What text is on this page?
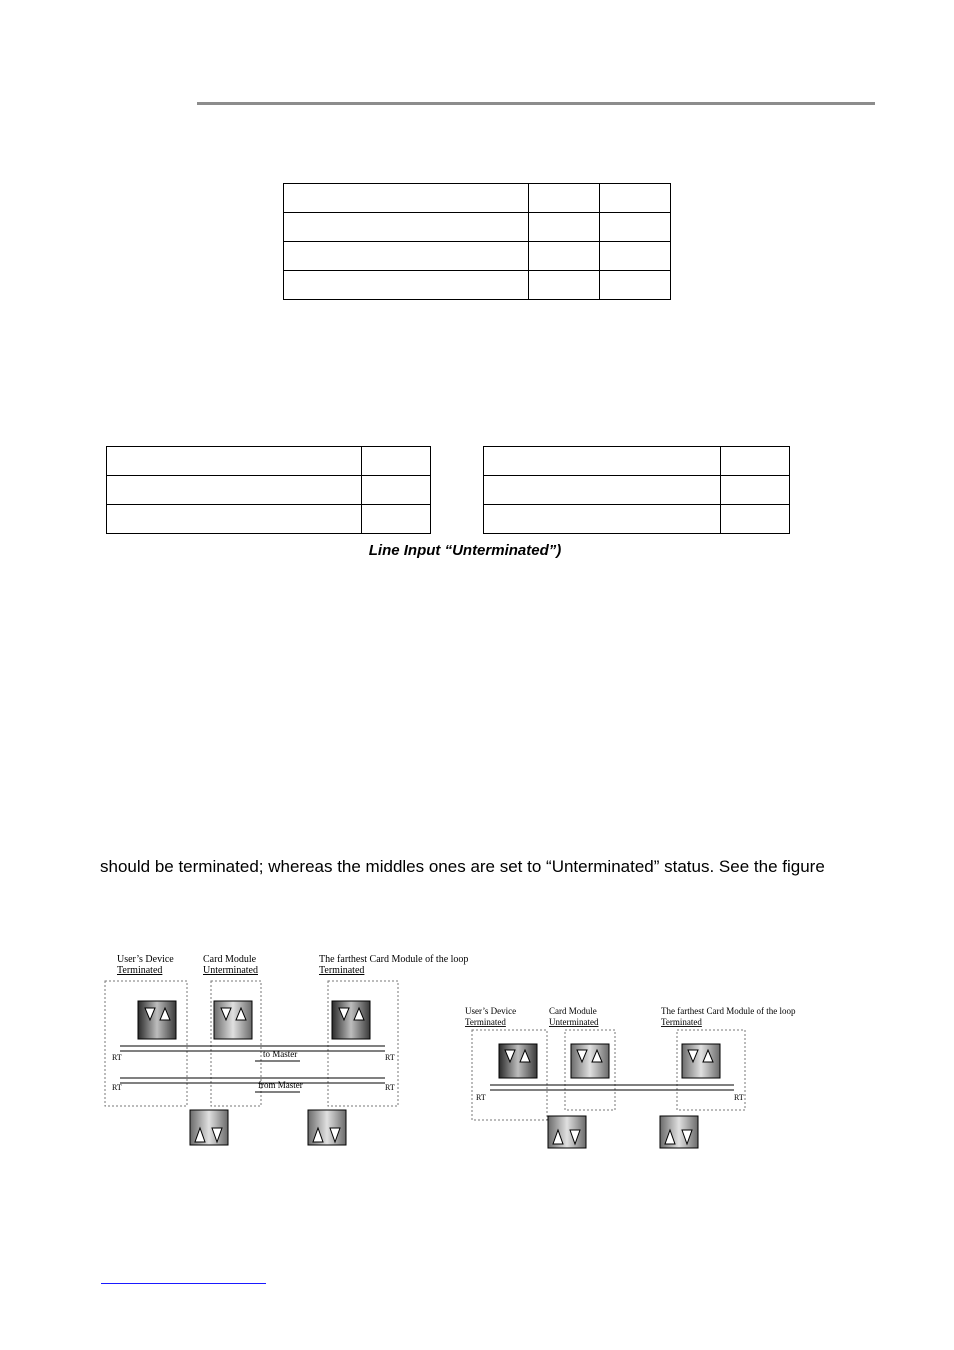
Line Input “Unterminated”)
should be terminated; whereas the middles ones are set to “Unterminated” status. See the figure
User’s Device
Terminated
Card Module
Unterminated
The farthest Card Module of the loop
Terminated
RT
RT
RT
RT
to Master
from Master
User’s Device
Terminated
Card Module
Unterminated
The farthest Card Module of the loop
Terminated
RT	RT
